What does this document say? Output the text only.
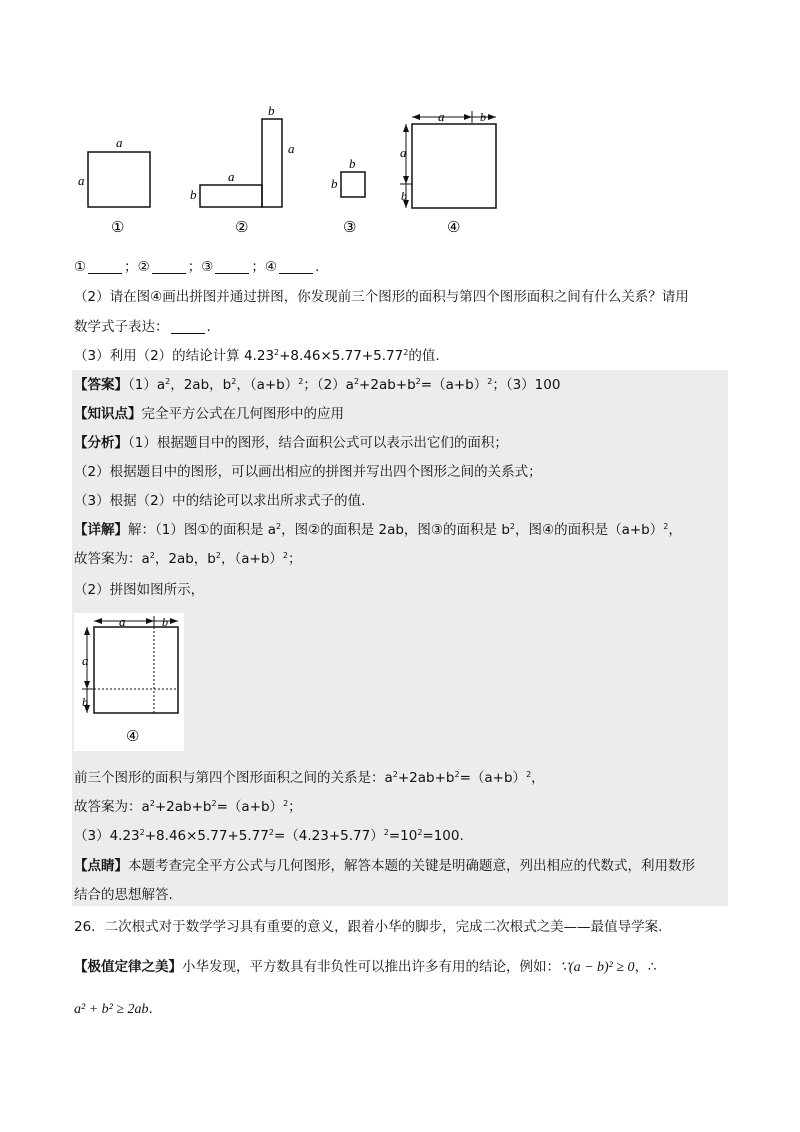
a
a
①
b
a
a
b
②
b
b
③
a	b
a
b
④
①	；②	；③	；④	.
（2）请在图④画出拼图并通过拼图，你发现前三个图形的面积与第四个图形面积之间有什么关系？请用
数学式子表达：	.
（3）利用（2）的结论计算 $4.23^2+8.46\times 5.77+5.77^2$的值.
【答案】$(1)a^2$，2ab，$b^2$，$(a+b)^2$；$(2)a^2+2ab+b^2=(a+b)^2$；（3）100
【知识点】完全平方公式在几何图形中的应用
【分析】（1）根据题目中的图形，结合面积公式可以表示出它们的面积；
（2）根据题目中的图形，可以画出相应的拼图并写出四个图形之间的关系式；
（3）根据（2）中的结论可以求出所求式子的值.
【详解】解：（1）图①的面积是 $a^2$，图②的面积是 2ab，图③的面积是 $b^2$，图④的面积是$(a+b)^2$，
故答案为：$a^2$，2ab，$b^2$，$(a+b)^2$；
（2）拼图如图所示，
a	b
a
b
④
前三个图形的面积与第四个图形面积之间的关系是：$a^2+2ab+b^2=(a+b)^2$，
故答案为：$a^2+2ab+b^2=(a+b)^2$；
$(3)4.23^2+8.46\times 5.77+5.77^2=(4.23+5.77)^2=10^2=100$.
【点睛】本题考查完全平方公式与几何图形，解答本题的关键是明确题意，列出相应的代数式，利用数形
结合的思想解答.
26．二次根式对于数学学习具有重要的意义，跟着小华的脚步，完成二次根式之美——最值导学案.
【极值定律之美】小华发现，平方数具有非负性可以推出许多有用的结论，例如：∵(a − b)² ≥ 0，∴
a² + b² ≥ 2ab.
